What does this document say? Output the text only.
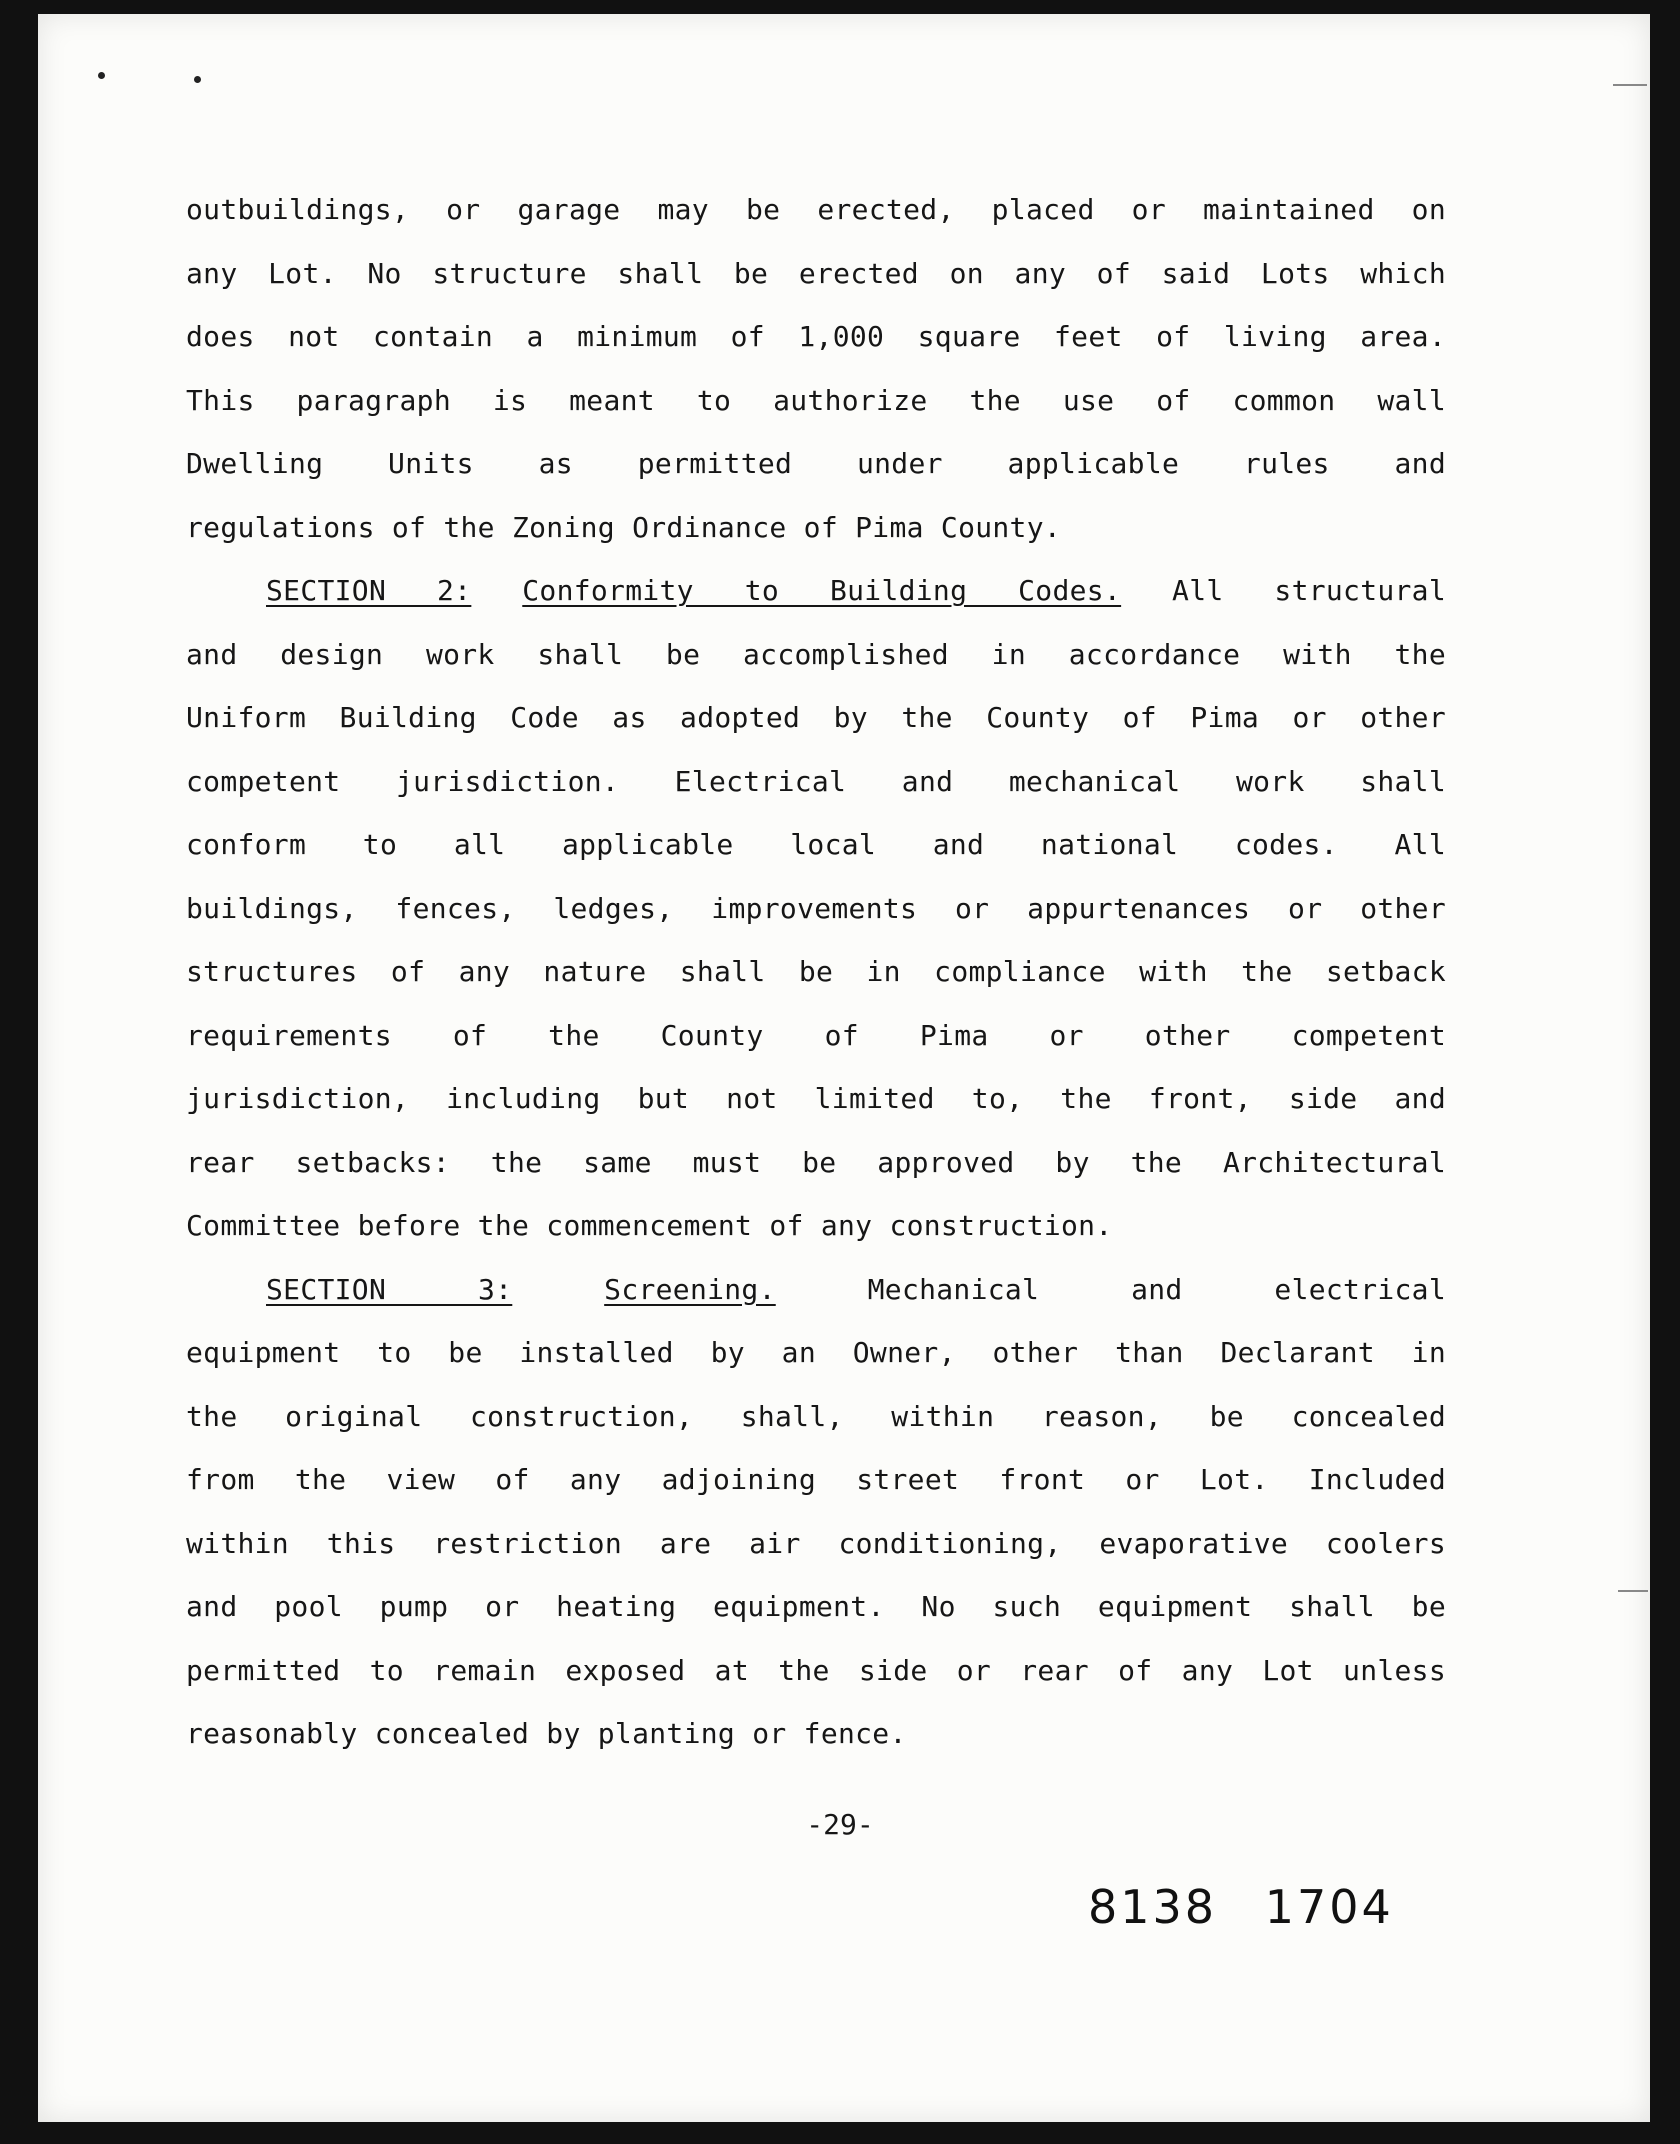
outbuildings, or garage may be erected, placed or maintained on
any Lot. No structure shall be erected on any of said Lots which
does not contain a minimum of 1,000 square feet of living area.
This paragraph is meant to authorize the use of common wall
Dwelling Units as permitted under applicable rules and
regulations of the Zoning Ordinance of Pima County.
SECTION 2: Conformity to Building Codes. All structural
and design work shall be accomplished in accordance with the
Uniform Building Code as adopted by the County of Pima or other
competent jurisdiction. Electrical and mechanical work shall
conform to all applicable local and national codes. All
buildings, fences, ledges, improvements or appurtenances or other
structures of any nature shall be in compliance with the setback
requirements of the County of Pima or other competent
jurisdiction, including but not limited to, the front, side and
rear setbacks: the same must be approved by the Architectural
Committee before the commencement of any construction.
SECTION 3:	Screening.	Mechanical and electrical
equipment to be installed by an Owner, other than Declarant in
the original construction, shall, within reason, be concealed
from the view of any adjoining street front or Lot. Included
within this restriction are air conditioning, evaporative coolers
and pool pump or heating equipment. No such equipment shall be
permitted to remain exposed at the side or rear of any Lot unless
reasonably concealed by planting or fence.
-29-
8138 1704
